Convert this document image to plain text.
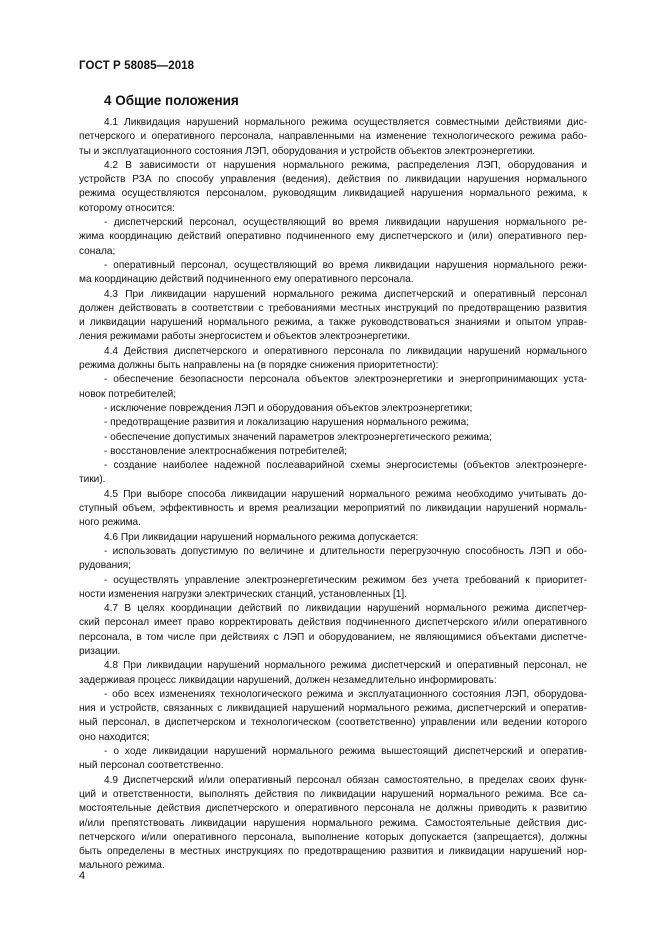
ГОСТ Р 58085—2018
4 Общие положения
4.1 Ликвидация нарушений нормального режима осуществляется совместными действиями дис-
петчерского и оперативного персонала, направленными на изменение технологического режима рабо-
ты и эксплуатационного состояния ЛЭП, оборудования и устройств объектов электроэнергетики.
4.2 В зависимости от нарушения нормального режима, распределения ЛЭП, оборудования и
устройств РЗА по способу управления (ведения), действия по ликвидации нарушения нормального
режима осуществляются персоналом, руководящим ликвидацией нарушения нормального режима, к
которому относится:
- диспетчерский персонал, осуществляющий во время ликвидации нарушения нормального ре-
жима координацию действий оперативно подчиненного ему диспетчерского и (или) оперативного пер-
сонала;
- оперативный персонал, осуществляющий во время ликвидации нарушения нормального режи-
ма координацию действий подчиненного ему оперативного персонала.
4.3 При ликвидации нарушений нормального режима диспетчерский и оперативный персонал
должен действовать в соответствии с требованиями местных инструкций по предотвращению развития
и ликвидации нарушений нормального режима, а также руководствоваться знаниями и опытом управ-
ления режимами работы энергосистем и объектов электроэнергетики.
4.4 Действия диспетчерского и оперативного персонала по ликвидации нарушений нормального
режима должны быть направлены на (в порядке снижения приоритетности):
- обеспечение безопасности персонала объектов электроэнергетики и энергопринимающих уста-
новок потребителей;
- исключение повреждения ЛЭП и оборудования объектов электроэнергетики;
- предотвращение развития и локализацию нарушения нормального режима;
- обеспечение допустимых значений параметров электроэнергетического режима;
- восстановление электроснабжения потребителей;
- создание наиболее надежной послеаварийной схемы энергосистемы (объектов электроэнерге-
тики).
4.5 При выборе способа ликвидации нарушений нормального режима необходимо учитывать до-
ступный объем, эффективность и время реализации мероприятий по ликвидации нарушений нормаль-
ного режима.
4.6 При ликвидации нарушений нормального режима допускается:
- использовать допустимую по величине и длительности перегрузочную способность ЛЭП и обо-
рудования;
- осуществлять управление электроэнергетическим режимом без учета требований к приоритет-
ности изменения нагрузки электрических станций, установленных [1].
4.7 В целях координации действий по ликвидации нарушений нормального режима диспетчер-
ский персонал имеет право корректировать действия подчиненного диспетчерского и/или оперативного
персонала, в том числе при действиях с ЛЭП и оборудованием, не являющимися объектами диспетче-
ризации.
4.8 При ликвидации нарушений нормального режима диспетчерский и оперативный персонал, не
задерживая процесс ликвидации нарушений, должен незамедлительно информировать:
- обо всех изменениях технологического режима и эксплуатационного состояния ЛЭП, оборудова-
ния и устройств, связанных с ликвидацией нарушений нормального режима, диспетчерский и оператив-
ный персонал, в диспетчерском и технологическом (соответственно) управлении или ведении которого
оно находится;
- о ходе ликвидации нарушений нормального режима вышестоящий диспетчерский и оператив-
ный персонал соответственно.
4.9 Диспетчерский и/или оперативный персонал обязан самостоятельно, в пределах своих функ-
ций и ответственности, выполнять действия по ликвидации нарушений нормального режима. Все са-
мостоятельные действия диспетчерского и оперативного персонала не должны приводить к развитию
и/или препятствовать ликвидации нарушения нормального режима. Самостоятельные действия дис-
петчерского и/или оперативного персонала, выполнение которых допускается (запрещается), должны
быть определены в местных инструкциях по предотвращению развития и ликвидации нарушений нор-
мального режима.
4
